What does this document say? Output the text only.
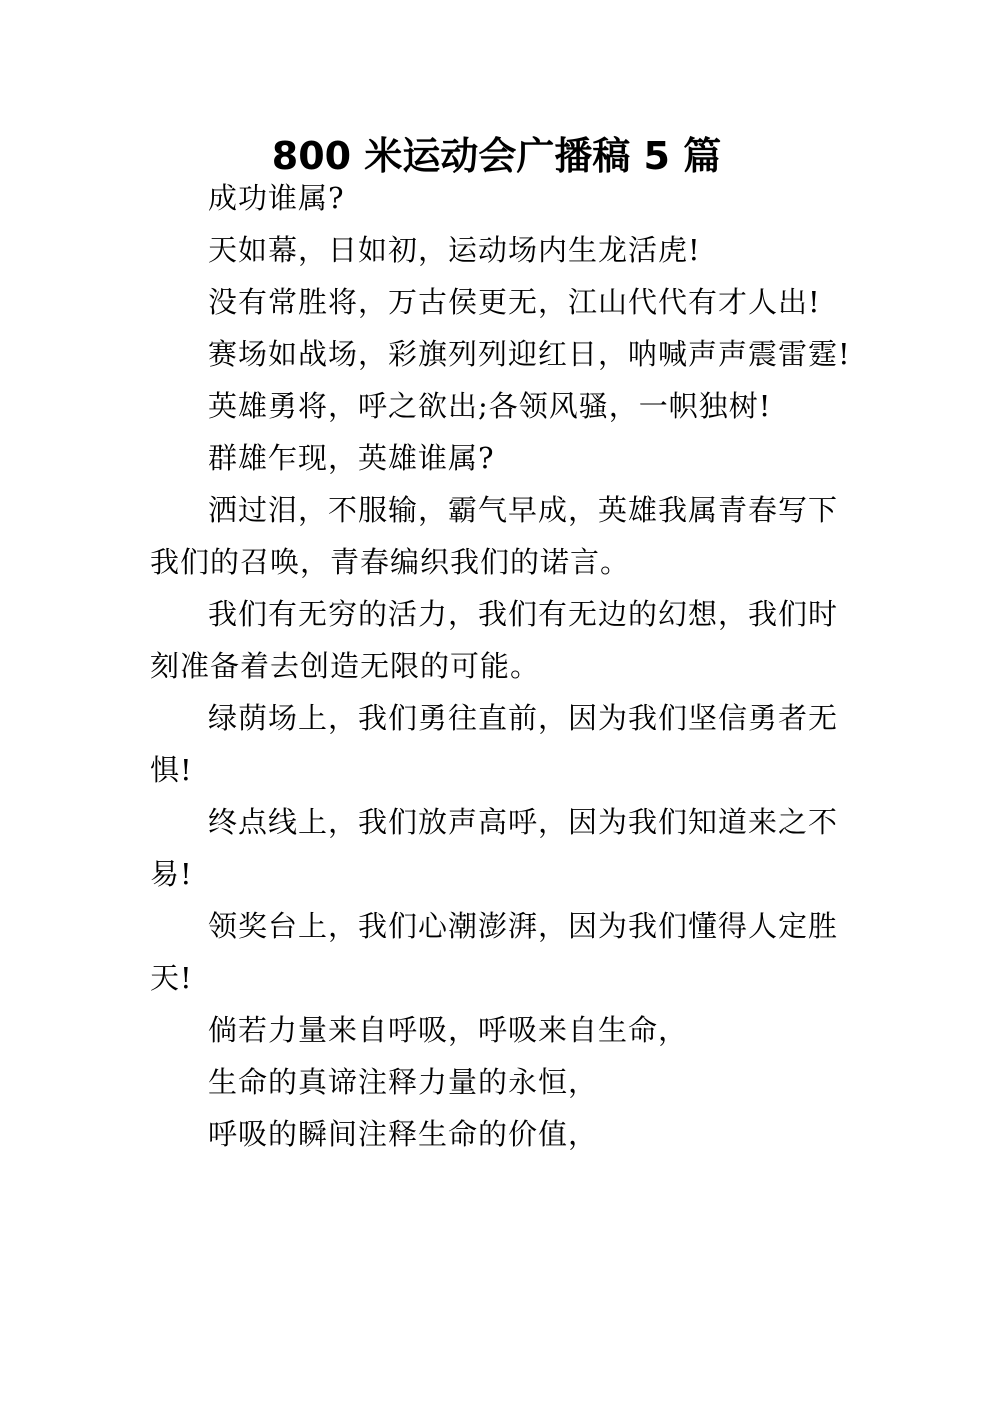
800 米运动会广播稿 5 篇

成功谁属?

天如幕，日如初，运动场内生龙活虎!

没有常胜将，万古侯更无，江山代代有才人出!

赛场如战场，彩旗列列迎红日，呐喊声声震雷霆!

英雄勇将，呼之欲出;各领风骚，一帜独树!

群雄乍现，英雄谁属?

洒过泪，不服输，霸气早成，英雄我属青春写下
我们的召唤，青春编织我们的诺言。

我们有无穷的活力，我们有无边的幻想，我们时
刻准备着去创造无限的可能。

绿荫场上，我们勇往直前，因为我们坚信勇者无
惧!

终点线上，我们放声高呼，因为我们知道来之不
易!

领奖台上，我们心潮澎湃，因为我们懂得人定胜
天!

倘若力量来自呼吸，呼吸来自生命，

生命的真谛注释力量的永恒，

呼吸的瞬间注释生命的价值，
